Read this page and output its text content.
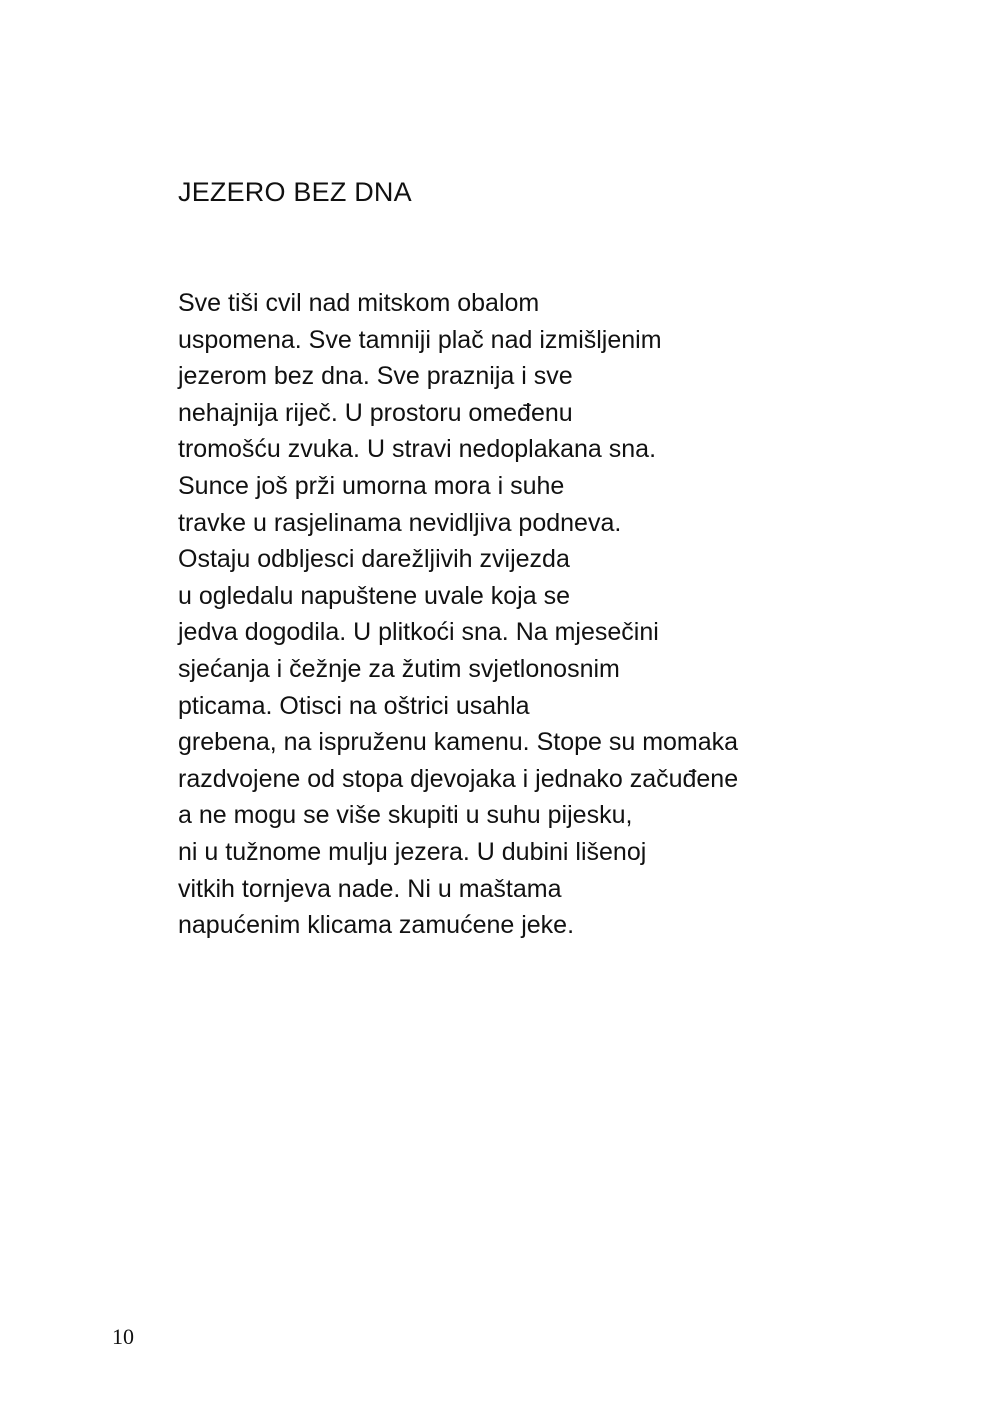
JEZERO BEZ DNA
Sve tiši cvil nad mitskom obalom
uspomena. Sve tamniji plač nad izmišljenim
jezerom bez dna. Sve praznija i sve
nehajnija riječ. U prostoru omeđenu
tromošću zvuka. U stravi nedoplakana sna.
Sunce još prži umorna mora i suhe
travke u rasjelinama nevidljiva podneva.
Ostaju odbljesci darežljivih zvijezda
u ogledalu napuštene uvale koja se
jedva dogodila. U plitkoći sna. Na mjesečini
sjećanja i čežnje za žutim svjetlonosnim
pticama. Otisci na oštrici usahla
grebena, na ispruženu kamenu. Stope su momaka
razdvojene od stopa djevojaka i jednako začuđene
a ne mogu se više skupiti u suhu pijesku,
ni u tužnome mulju jezera. U dubini lišenoj
vitkih tornjeva nade. Ni u maštama
napućenim klicama zamućene jeke.
10
